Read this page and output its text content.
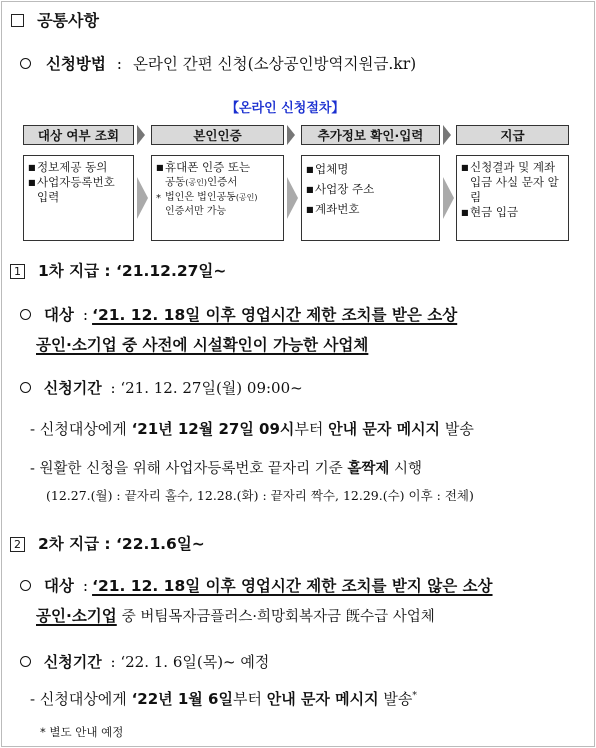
공통사항
신청방법 : 온라인 간편 신청(소상공인방역지원금.kr)
【온라인 신청절차】
대상 여부 조회	본인인증	추가정보 확인·입력	지급
■ 정보제공 동의
■ 사업자등록번호 입력
■ 휴대폰 인증 또는
공동(공인)인증서
* 법인은 법인공동(공인)
인증서만 가능
■ 업체명
■ 사업장 주소
■ 계좌번호
■ 신청결과 및 계좌입금 사실 문자 알림
■ 현금 입금
1 1차 지급 : ‘21.12.27일~
대상 : ‘21. 12. 18일 이후 영업시간 제한 조치를 받은 소상
공인·소기업 중 사전에 시설확인이 가능한 사업체
신청기간 : ‘21. 12. 27일(월) 09:00~
- 신청대상에게 ‘21년 12월 27일 09시부터 안내 문자 메시지 발송
- 원활한 신청을 위해 사업자등록번호 끝자리 기준 홀짝제 시행
(12.27.(월) : 끝자리 홀수, 12.28.(화) : 끝자리 짝수, 12.29.(수) 이후 : 전체)
2 2차 지급 : ‘22.1.6일~
대상 : ‘21. 12. 18일 이후 영업시간 제한 조치를 받지 않은 소상
공인·소기업 중 버팀목자금플러스·희망회복자금 旣수급 사업체
신청기간 : ‘22. 1. 6일(목)~ 예정
- 신청대상에게 ‘22년 1월 6일부터 안내 문자 메시지 발송*
* 별도 안내 예정
